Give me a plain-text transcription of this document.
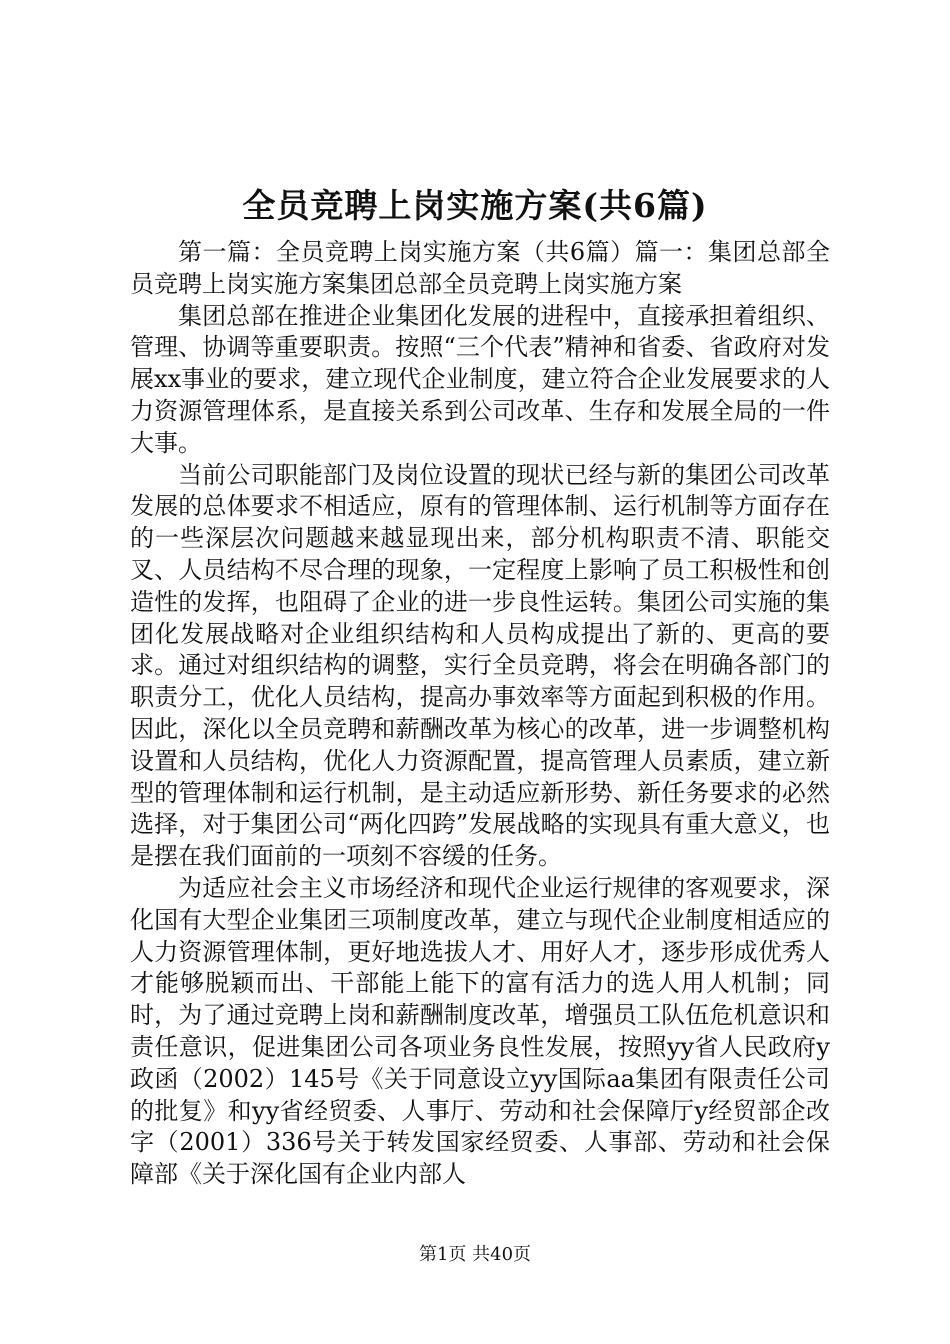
全员竞聘上岗实施方案(共6篇)

第一篇：全员竞聘上岗实施方案（共6篇）篇一：集团总部全员竞聘上岗实施方案集团总部全员竞聘上岗实施方案

集团总部在推进企业集团化发展的进程中，直接承担着组织、管理、协调等重要职责。按照“三个代表”精神和省委、省政府对发展xx事业的要求，建立现代企业制度，建立符合企业发展要求的人力资源管理体系，是直接关系到公司改革、生存和发展全局的一件大事。

当前公司职能部门及岗位设置的现状已经与新的集团公司改革发展的总体要求不相适应，原有的管理体制、运行机制等方面存在的一些深层次问题越来越显现出来，部分机构职责不清、职能交叉、人员结构不尽合理的现象，一定程度上影响了员工积极性和创造性的发挥，也阻碍了企业的进一步良性运转。集团公司实施的集团化发展战略对企业组织结构和人员构成提出了新的、更高的要求。通过对组织结构的调整，实行全员竞聘，将会在明确各部门的职责分工，优化人员结构，提高办事效率等方面起到积极的作用。因此，深化以全员竞聘和薪酬改革为核心的改革，进一步调整机构设置和人员结构，优化人力资源配置，提高管理人员素质，建立新型的管理体制和运行机制，是主动适应新形势、新任务要求的必然选择，对于集团公司“两化四跨”发展战略的实现具有重大意义，也是摆在我们面前的一项刻不容缓的任务。

为适应社会主义市场经济和现代企业运行规律的客观要求，深化国有大型企业集团三项制度改革，建立与现代企业制度相适应的人力资源管理体制，更好地选拔人才、用好人才，逐步形成优秀人才能够脱颖而出、干部能上能下的富有活力的选人用人机制；同时，为了通过竞聘上岗和薪酬制度改革，增强员工队伍危机意识和责任意识，促进集团公司各项业务良性发展，按照yy省人民政府y政函（2002）145号《关于同意设立yy国际aa集团有限责任公司的批复》和yy省经贸委、人事厅、劳动和社会保障厅y经贸部企改字（2001）336号关于转发国家经贸委、人事部、劳动和社会保障部《关于深化国有企业内部人

第1页 共40页
